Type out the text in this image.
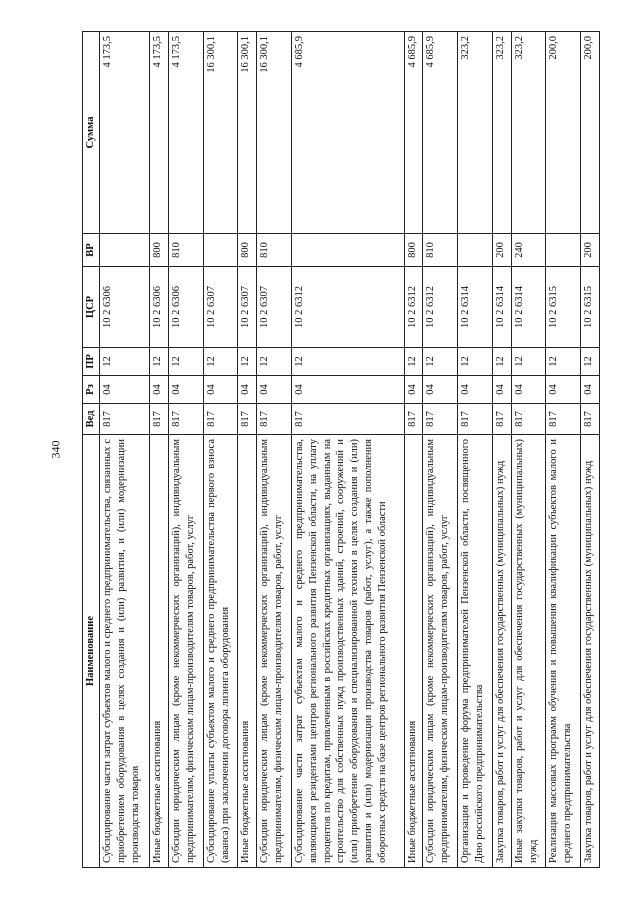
340
Наименование	Вед	Рз	ПР	ЦСР	ВР	Сумма
Субсидирование части затрат субъектов малого и среднего предпринимательства, связанных с приобретением оборудования в целях создания и (или) развития, и (или) модернизации производства товаров	817	04	12	10 2 6306		4 173,5
Иные бюджетные ассигнования	817	04	12	10 2 6306	800	4 173,5
Субсидии юридическим лицам (кроме некоммерческих организаций), индивидуальным предпринимателям, физическим лицам-производителям товаров, работ, услуг	817	04	12	10 2 6306	810	4 173,5
Субсидирование уплаты субъектом малого и среднего предпринимательства первого взноса (аванса) при заключении договора лизинга оборудования	817	04	12	10 2 6307		16 300,1
Иные бюджетные ассигнования	817	04	12	10 2 6307	800	16 300,1
Субсидии юридическим лицам (кроме некоммерческих организаций), индивидуальным предпринимателям, физическим лицам-производителям товаров, работ, услуг	817	04	12	10 2 6307	810	16 300,1
Субсидирование части затрат субъектам малого и среднего предпринимательства, являющимся резидентами центров регионального развития Пензенской области, на уплату процентов по кредитам, привлеченным в российских кредитных организациях, выданным на строительство для собственных нужд производственных зданий, строений, сооружений и (или) приобретение оборудования и специализированной техники в целях создания и (или) развития и (или) модернизации производства товаров (работ, услуг), а также пополнения оборотных средств на базе центров регионального развития Пензенской области	817	04	12	10 2 6312		4 685,9
Иные бюджетные ассигнования	817	04	12	10 2 6312	800	4 685,9
Субсидии юридическим лицам (кроме некоммерческих организаций), индивидуальным предпринимателям, физическим лицам-производителям товаров, работ, услуг	817	04	12	10 2 6312	810	4 685,9
Организация и проведение форума предпринимателей Пензенской области, посвященного Дню российского предпринимательства	817	04	12	10 2 6314		323,2
Закупка товаров, работ и услуг для обеспечения государственных (муниципальных) нужд	817	04	12	10 2 6314	200	323,2
Иные закупки товаров, работ и услуг для обеспечения государственных (муниципальных) нужд	817	04	12	10 2 6314	240	323,2
Реализация массовых программ обучения и повышения квалификации субъектов малого и среднего предпринимательства	817	04	12	10 2 6315		200,0
Закупка товаров, работ и услуг для обеспечения государственных (муниципальных) нужд	817	04	12	10 2 6315	200	200,0
